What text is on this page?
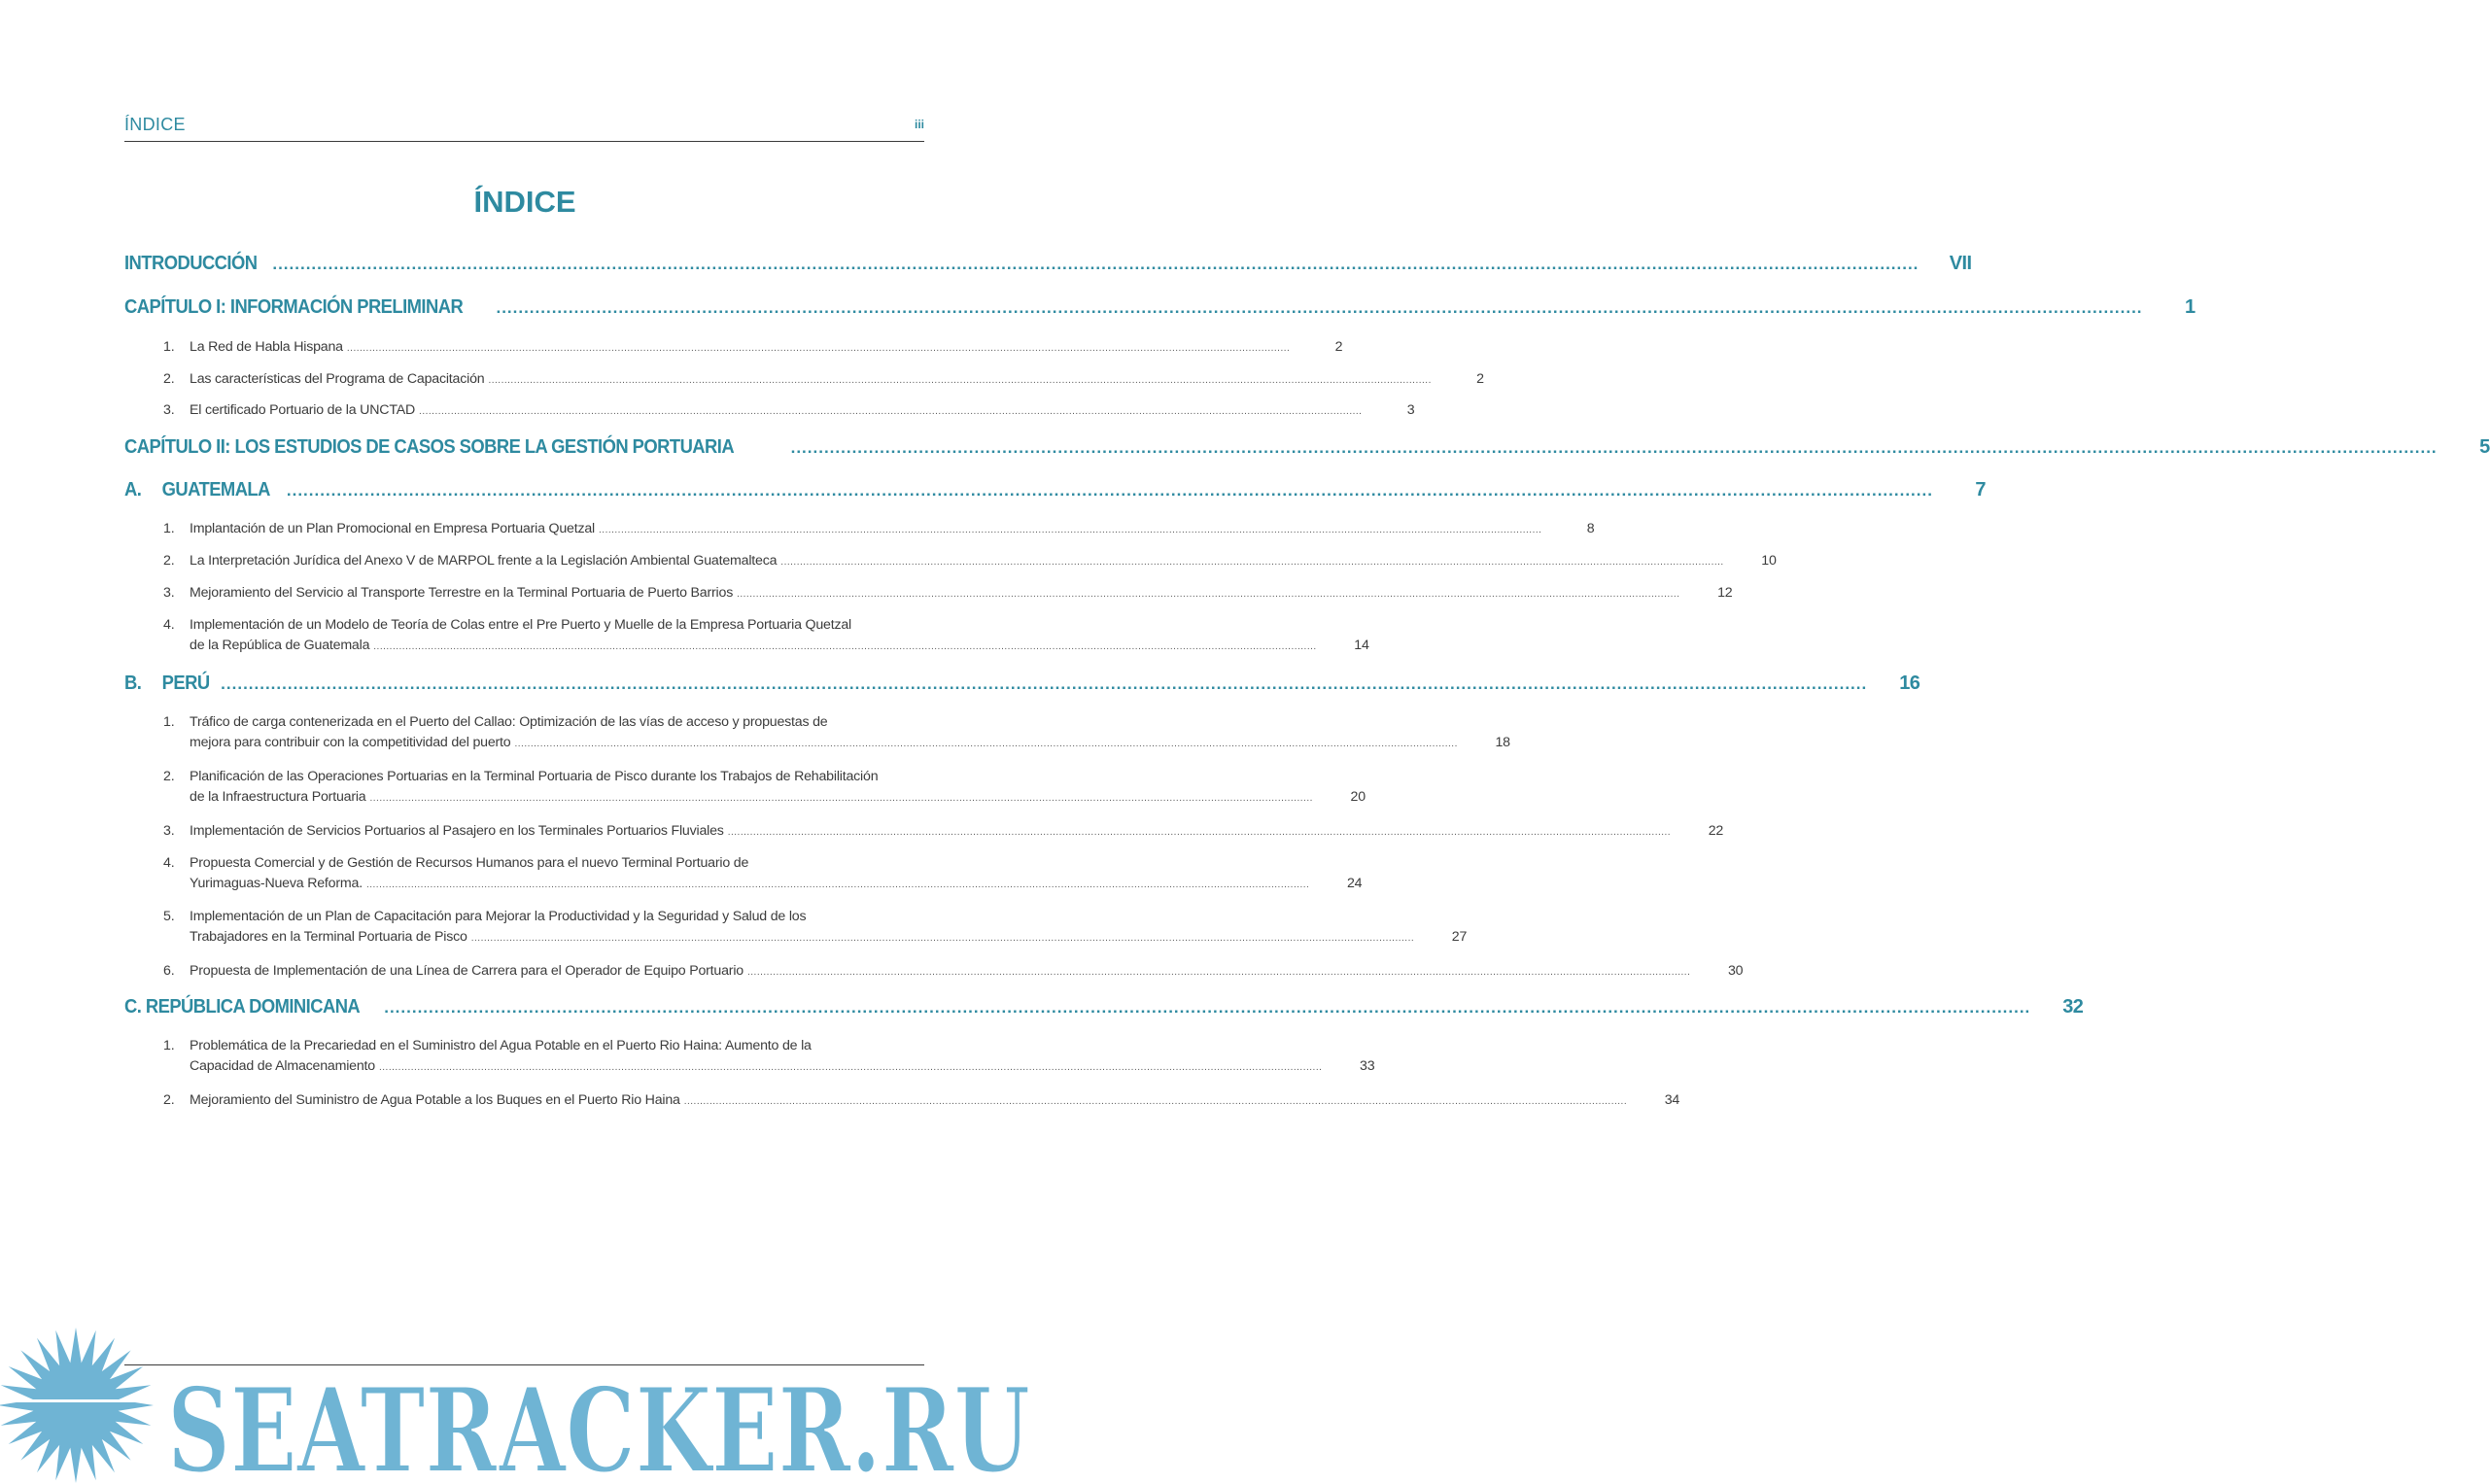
ÍNDICE	iii
ÍNDICE
INTRODUCCIÓN .....	VII
CAPÍTULO I: INFORMACIÓN PRELIMINAR .....	1
1.	La Red de Habla Hispana .....	2
2.	Las características del Programa de Capacitación .....	2
3.	El certificado Portuario de la UNCTAD .....	3
CAPÍTULO II: LOS ESTUDIOS DE CASOS SOBRE LA GESTIÓN PORTUARIA .....	5
A. GUATEMALA .....	7
1.	Implantación de un Plan Promocional en Empresa Portuaria Quetzal .....	8
2.	La Interpretación Jurídica del Anexo V de MARPOL frente a la Legislación Ambiental Guatemalteca .....	10
3.	Mejoramiento del Servicio al Transporte Terrestre en la Terminal Portuaria de Puerto Barrios .....	12
4.	Implementación de un Modelo de Teoría de Colas entre el Pre Puerto y Muelle de la Empresa Portuaria Quetzal
de la República de Guatemala .....	14
B. PERÚ .....	16
1.	Tráfico de carga contenerizada en el Puerto del Callao: Optimización de las vías de acceso y propuestas de
mejora para contribuir con la competitividad del puerto .....	18
2.	Planificación de las Operaciones Portuarias en la Terminal Portuaria de Pisco durante los Trabajos de Rehabilitación
de la Infraestructura Portuaria .....	20
3.	Implementación de Servicios Portuarios al Pasajero en los Terminales Portuarios Fluviales .....	22
4.	Propuesta Comercial y de Gestión de Recursos Humanos para el nuevo Terminal Portuario de
Yurimaguas-Nueva Reforma. .....	24
5.	Implementación de un Plan de Capacitación para Mejorar la Productividad y la Seguridad y Salud de los
Trabajadores en la Terminal Portuaria de Pisco .....	27
6.	Propuesta de Implementación de una Línea de Carrera para el Operador de Equipo Portuario .....	30
C. REPÚBLICA DOMINICANA .....	32
1.	Problemática de la Precariedad en el Suministro del Agua Potable en el Puerto Rio Haina: Aumento de la
Capacidad de Almacenamiento .....	33
2.	Mejoramiento del Suministro de Agua Potable a los Buques en el Puerto Rio Haina .....	34
SEATRACKER.RU
